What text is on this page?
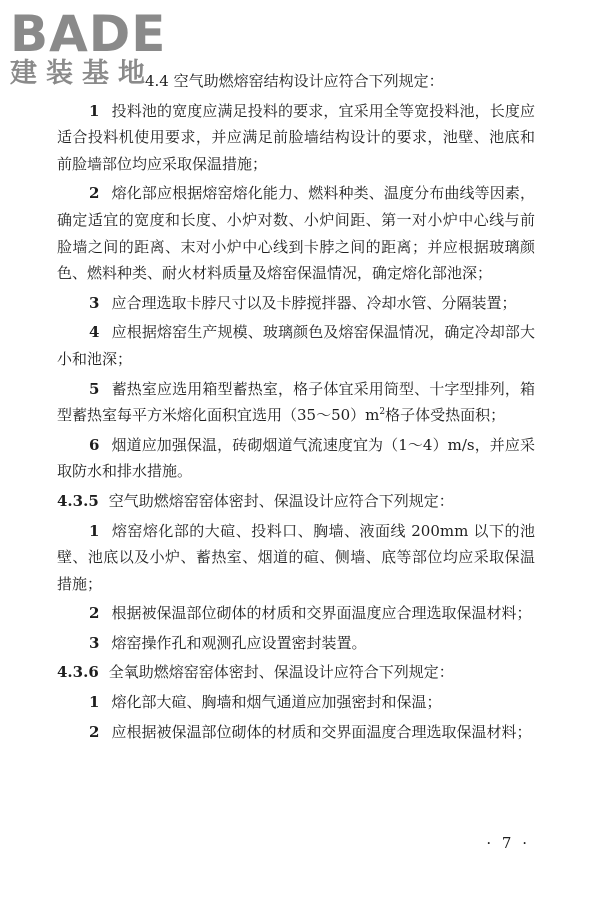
BADE
建装基地

4.4 空气助燃熔窑结构设计应符合下列规定：

1 投料池的宽度应满足投料的要求，宜采用全等宽投料池，长度应适合投料机使用要求，并应满足前脸墙结构设计的要求，池壁、池底和前脸墙部位均应采取保温措施；

2 熔化部应根据熔窑熔化能力、燃料种类、温度分布曲线等因素，确定适宜的宽度和长度、小炉对数、小炉间距、第一对小炉中心线与前脸墙之间的距离、末对小炉中心线到卡脖之间的距离；并应根据玻璃颜色、燃料种类、耐火材料质量及熔窑保温情况，确定熔化部池深；

3 应合理选取卡脖尺寸以及卡脖搅拌器、冷却水管、分隔装置；

4 应根据熔窑生产规模、玻璃颜色及熔窑保温情况，确定冷却部大小和池深；

5 蓄热室应选用箱型蓄热室，格子体宜采用筒型、十字型排列，箱型蓄热室每平方米熔化面积宜选用$(35\sim 50)m^2$格子体受热面积；

6 烟道应加强保温，砖砌烟道气流速度宜为（1～4）m/s，并应采取防水和排水措施。

4.3.5 空气助燃熔窑窑体密封、保温设计应符合下列规定：

1 熔窑熔化部的大碹、投料口、胸墙、液面线 200mm 以下的池壁、池底以及小炉、蓄热室、烟道的碹、侧墙、底等部位均应采取保温措施；

2 根据被保温部位砌体的材质和交界面温度应合理选取保温材料；

3 熔窑操作孔和观测孔应设置密封装置。

4.3.6 全氧助燃熔窑窑体密封、保温设计应符合下列规定：

1 熔化部大碹、胸墙和烟气通道应加强密封和保温；

2 应根据被保温部位砌体的材质和交界面温度合理选取保温材料；

· 7 ·
